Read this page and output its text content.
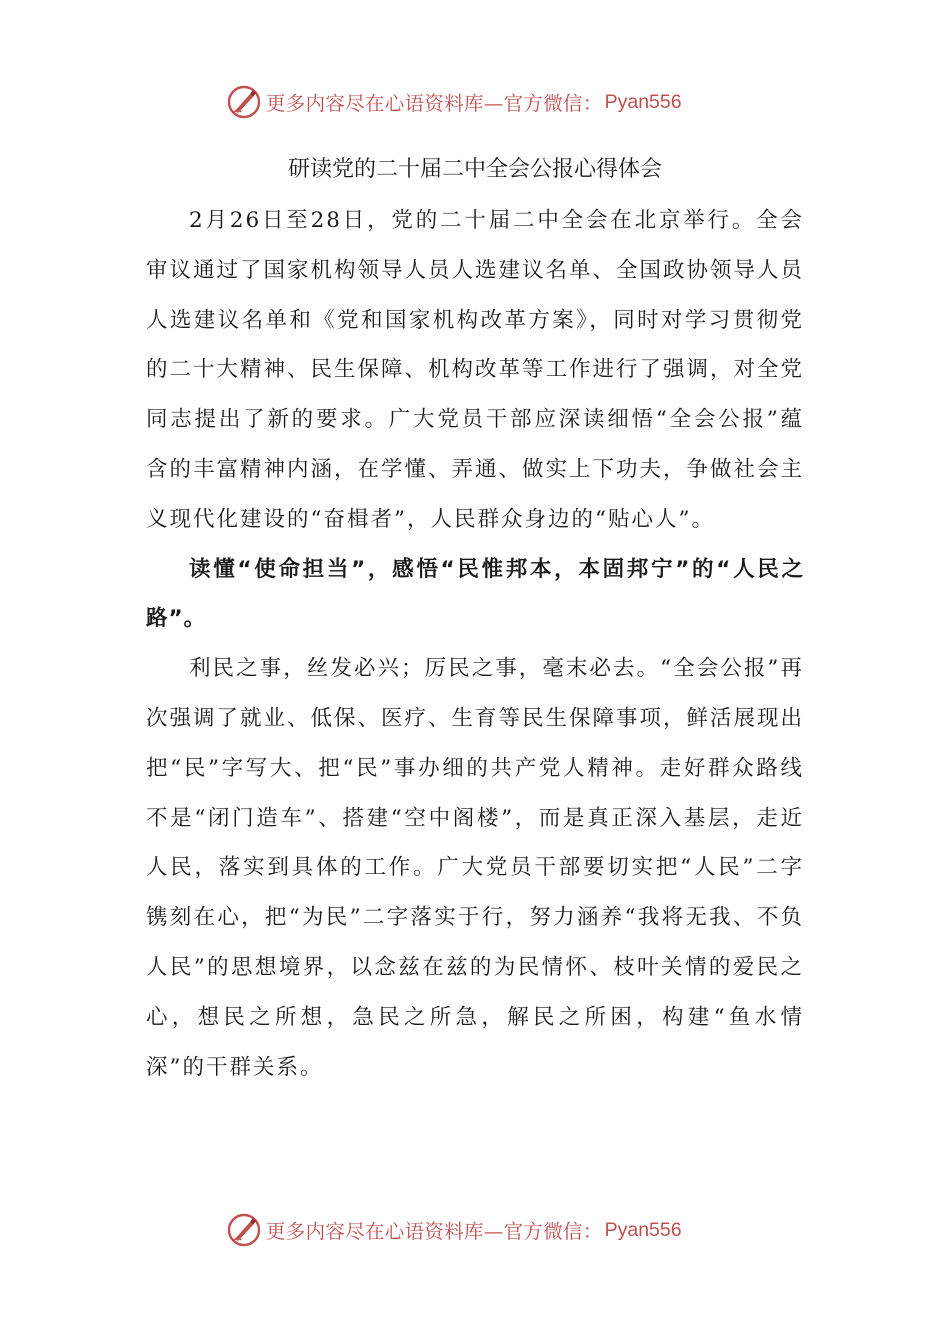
更多内容尽在心语资料库—官方微信： Pyan556
研读党的二十届二中全会公报心得体会

2月26日至28日，党的二十届二中全会在北京举行。全会审议通过了国家机构领导人员人选建议名单、全国政协领导人员人选建议名单和《党和国家机构改革方案》，同时对学习贯彻党的二十大精神、民生保障、机构改革等工作进行了强调，对全党同志提出了新的要求。广大党员干部应深读细悟“全会公报”蕴含的丰富精神内涵，在学懂、弄通、做实上下功夫，争做社会主义现代化建设的“奋楫者”，人民群众身边的“贴心人”。

读懂“使命担当”，感悟“民惟邦本，本固邦宁”的“人民之路”。

利民之事，丝发必兴；厉民之事，毫末必去。“全会公报”再次强调了就业、低保、医疗、生育等民生保障事项，鲜活展现出把“民”字写大、把“民”事办细的共产党人精神。走好群众路线不是“闭门造车”、搭建“空中阁楼”，而是真正深入基层，走近人民，落实到具体的工作。广大党员干部要切实把“人民”二字镌刻在心，把“为民”二字落实于行，努力涵养“我将无我、不负人民”的思想境界，以念兹在兹的为民情怀、枝叶关情的爱民之心，想民之所想，急民之所急，解民之所困，构建“鱼水情深”的干群关系。

更多内容尽在心语资料库—官方微信： Pyan556
